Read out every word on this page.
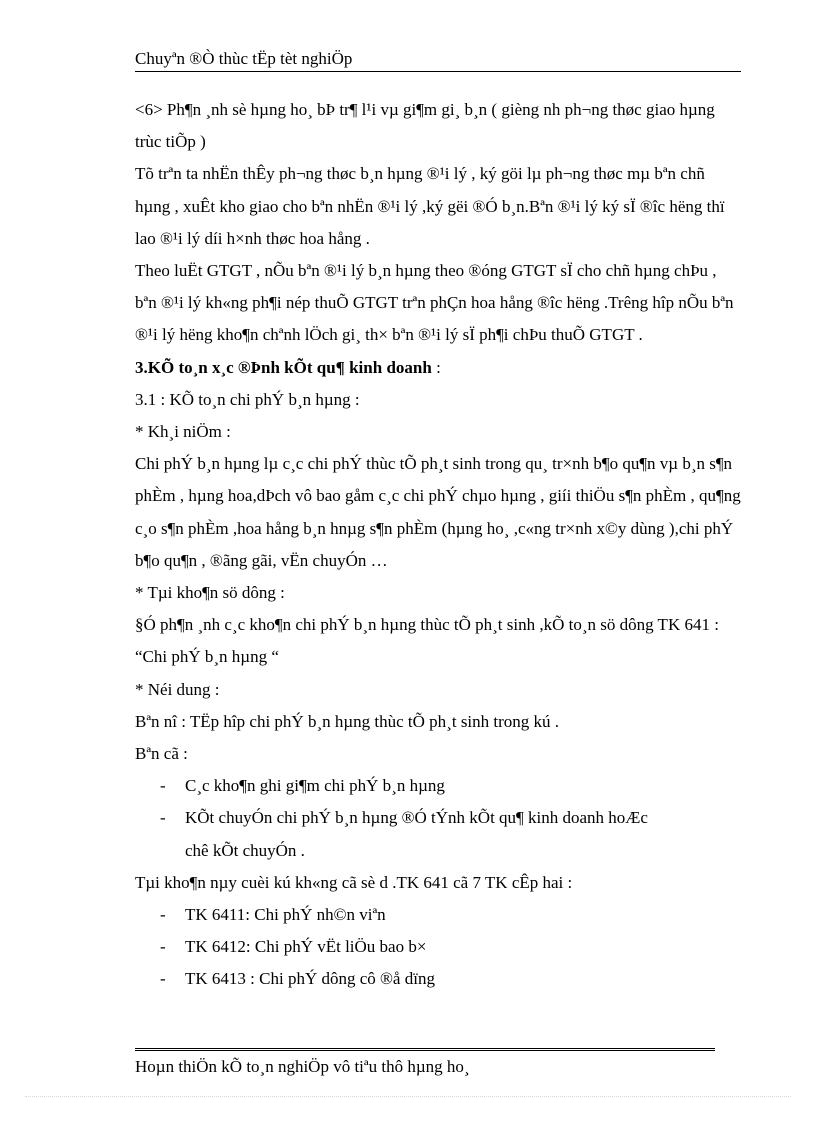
Chuyªn ®Ò thùc tËp tèt nghiÖp

<6> Ph¶n ¸nh sè hµng ho¸ bÞ tr¶ l¹i vµ gi¶m gi¸ b¸n ( gièng nh ph¬ng thøc giao hµng trùc tiÕp )

Tõ trªn ta nhËn thÊy ph¬ng thøc b¸n hµng ®¹i lý , ký göi lµ ph¬ng thøc mµ bªn chñ hµng , xuÊt kho giao cho bªn nhËn ®¹i lý ,ký gëi ®Ó b¸n.Bªn ®¹i lý ký sÏ ®îc hëng thï lao ®¹i lý díi h×nh thøc hoa hång .

Theo luËt GTGT , nÕu bªn ®¹i lý b¸n hµng theo ®óng GTGT sÏ cho chñ hµng chÞu , bªn ®¹i lý kh«ng ph¶i nép thuÕ GTGT trªn phÇn hoa hång ®îc hëng .Trêng hîp nÕu bªn ®¹i lý hëng kho¶n chªnh lÖch gi¸ th× bªn ®¹i lý sÏ ph¶i chÞu thuÕ GTGT .

3.KÕ to¸n x¸c ®Þnh kÕt qu¶ kinh doanh :

3.1 : KÕ to¸n chi phÝ b¸n hµng :

* Kh¸i niÖm :

Chi phÝ b¸n hµng lµ c¸c chi phÝ thùc tÕ ph¸t sinh trong qu¸ tr×nh b¶o qu¶n vµ b¸n s¶n phÈm , hµng hoa,dÞch vô bao gåm c¸c chi phÝ chµo hµng , giíi thiÖu s¶n phÈm , qu¶ng c¸o s¶n phÈm ,hoa hång b¸n hnµg s¶n phÈm (hµng ho¸ ,c«ng tr×nh x©y dùng ),chi phÝ b¶o qu¶n , ®ãng gãi, vËn chuyÓn …

* Tµi kho¶n sö dông :

§Ó ph¶n ¸nh c¸c kho¶n chi phÝ b¸n hµng thùc tÕ ph¸t sinh ,kÕ to¸n sö dông TK 641 : “Chi phÝ b¸n hµng “

* Néi dung :

Bªn nî : TËp hîp chi phÝ b¸n hµng thùc tÕ ph¸t sinh trong kú .

Bªn cã :

- C¸c kho¶n ghi gi¶m chi phÝ b¸n hµng

- KÕt chuyÓn chi phÝ b¸n hµng ®Ó tÝnh kÕt qu¶ kinh doanh hoÆc

chê kÕt chuyÓn .

Tµi kho¶n nµy cuèi kú kh«ng cã sè d .TK 641 cã 7 TK cÊp hai :

- TK 6411: Chi phÝ nh©n viªn

- TK 6412: Chi phÝ vËt liÖu bao b×

- TK 6413 : Chi phÝ dông cô ®å dïng

Hoµn thiÖn kÕ to¸n nghiÖp vô tiªu thô hµng ho¸
